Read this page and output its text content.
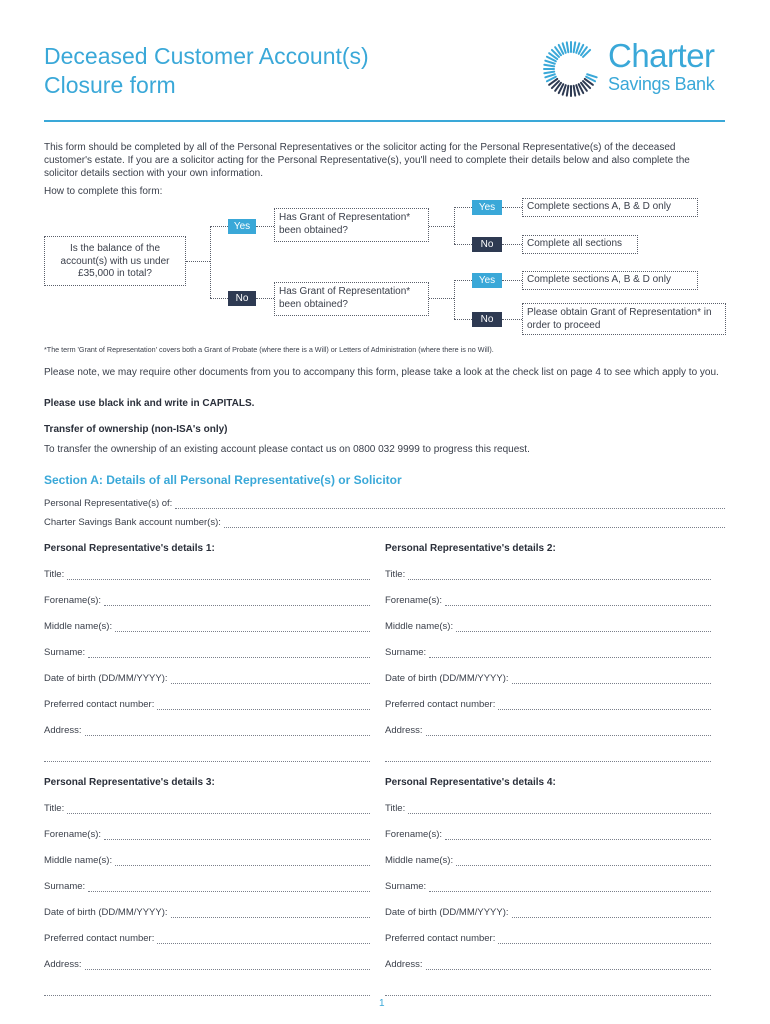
Deceased Customer Account(s)
Closure form
Charter
Savings Bank
This form should be completed by all of the Personal Representatives or the solicitor acting for the Personal Representative(s) of the deceased customer's estate. If you are a solicitor acting for the Personal Representative(s), you'll need to complete their details below and also complete the solicitor details section with your own information.
How to complete this form:
Is the balance of the account(s) with us under £35,000 in total?
Yes
No
Has Grant of Representation* been obtained?
Has Grant of Representation* been obtained?
Yes
No
Complete sections A, B & D only
Complete all sections
Yes
No
Complete sections A, B & D only
Please obtain Grant of Representation* in order to proceed
*The term 'Grant of Representation' covers both a Grant of Probate (where there is a Will) or Letters of Administration (where there is no Will).
Please note, we may require other documents from you to accompany this form, please take a look at the check list on page 4 to see which apply to you.
Please use black ink and write in CAPITALS.
Transfer of ownership (non-ISA's only)
To transfer the ownership of an existing account please contact us on 0800 032 9999 to progress this request.
Section A: Details of all Personal Representative(s) or Solicitor
Personal Representative(s) of:
Charter Savings Bank account number(s):
Personal Representative's details 1:
Title:
Forename(s):
Middle name(s):
Surname:
Date of birth (DD/MM/YYYY):
Preferred contact number:
Address:
Personal Representative's details 2:
Title:
Forename(s):
Middle name(s):
Surname:
Date of birth (DD/MM/YYYY):
Preferred contact number:
Address:
Personal Representative's details 3:
Title:
Forename(s):
Middle name(s):
Surname:
Date of birth (DD/MM/YYYY):
Preferred contact number:
Address:
Personal Representative's details 4:
Title:
Forename(s):
Middle name(s):
Surname:
Date of birth (DD/MM/YYYY):
Preferred contact number:
Address:
1
